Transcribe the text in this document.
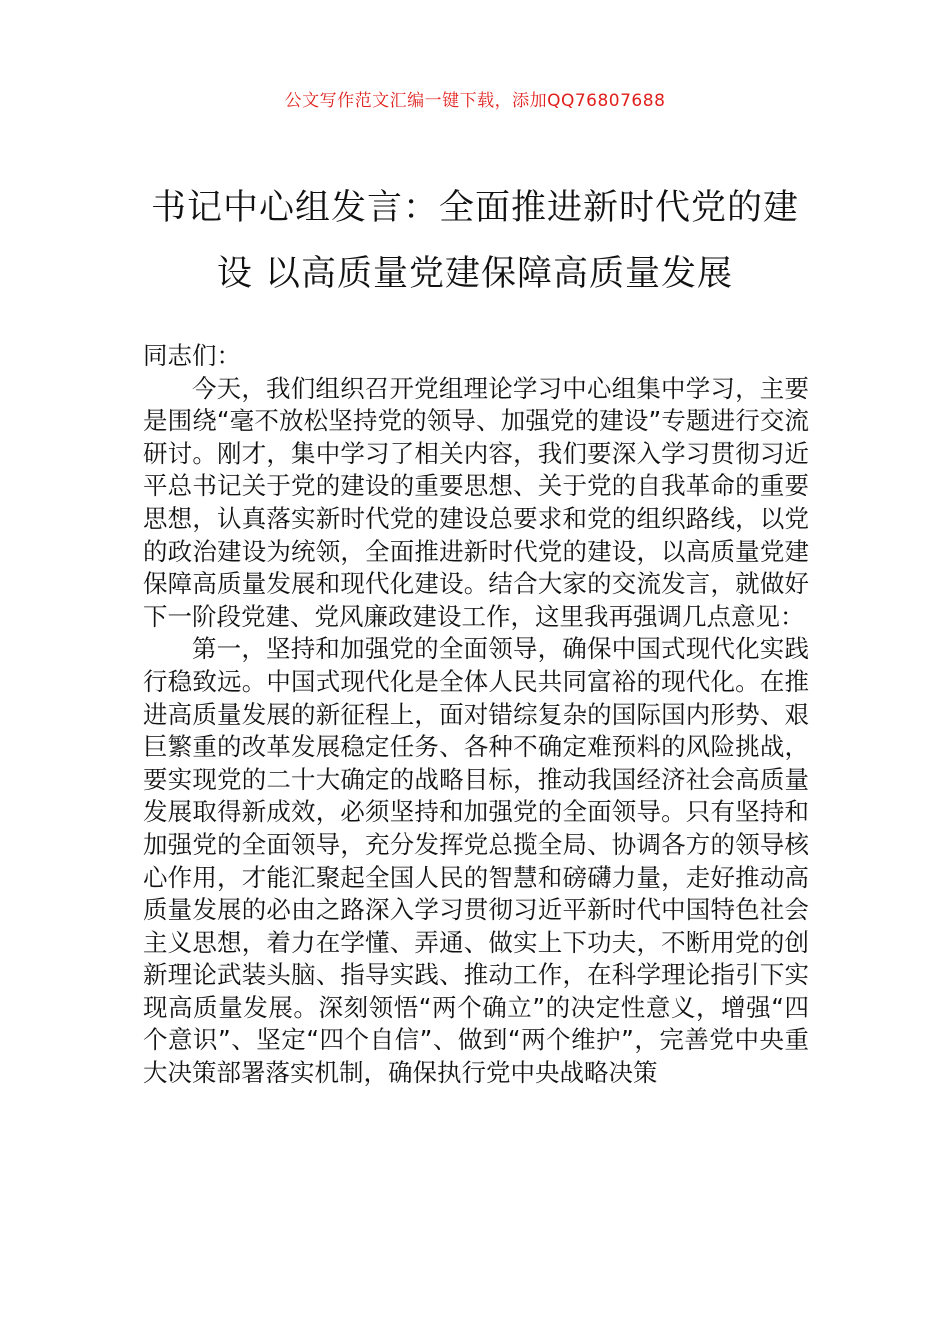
公文写作范文汇编一键下载，添加QQ76807688
书记中心组发言：全面推进新时代党的建
设 以高质量党建保障高质量发展

同志们：

今天，我们组织召开党组理论学习中心组集中学习，主要是围绕“毫不放松坚持党的领导、加强党的建设”专题进行交流研讨。刚才，集中学习了相关内容，我们要深入学习贯彻习近平总书记关于党的建设的重要思想、关于党的自我革命的重要思想，认真落实新时代党的建设总要求和党的组织路线，以党的政治建设为统领，全面推进新时代党的建设，以高质量党建保障高质量发展和现代化建设。结合大家的交流发言，就做好下一阶段党建、党风廉政建设工作，这里我再强调几点意见：

第一，坚持和加强党的全面领导，确保中国式现代化实践行稳致远。中国式现代化是全体人民共同富裕的现代化。在推进高质量发展的新征程上，面对错综复杂的国际国内形势、艰巨繁重的改革发展稳定任务、各种不确定难预料的风险挑战，要实现党的二十大确定的战略目标，推动我国经济社会高质量发展取得新成效，必须坚持和加强党的全面领导。只有坚持和加强党的全面领导，充分发挥党总揽全局、协调各方的领导核心作用，才能汇聚起全国人民的智慧和磅礴力量，走好推动高质量发展的必由之路深入学习贯彻习近平新时代中国特色社会主义思想，着力在学懂、弄通、做实上下功夫，不断用党的创新理论武装头脑、指导实践、推动工作，在科学理论指引下实现高质量发展。深刻领悟“两个确立”的决定性意义，增强“四个意识”、坚定“四个自信”、做到“两个维护”，完善党中央重大决策部署落实机制，确保执行党中央战略决策
